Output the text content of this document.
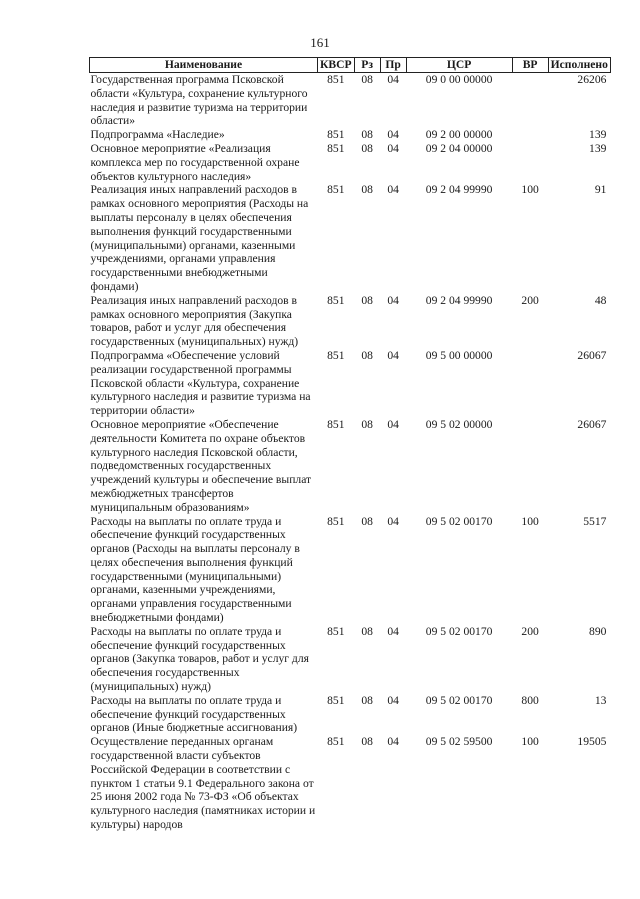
161
Наименование	КВСР	Рз	Пр	ЦСР	ВР	Исполнено
Государственная программа Псковской области «Культура, сохранение культурного наследия и развитие туризма на территории области»	851	08	04	09 0 00 00000		26206
Подпрограмма «Наследие»	851	08	04	09 2 00 00000		139
Основное мероприятие «Реализация комплекса мер по государственной охране объектов культурного наследия»	851	08	04	09 2 04 00000		139
Реализация иных направлений расходов в рамках основного мероприятия (Расходы на выплаты персоналу в целях обеспечения выполнения функций государственными (муниципальными) органами, казенными учреждениями, органами управления государственными внебюджетными фондами)	851	08	04	09 2 04 99990	100	91
Реализация иных направлений расходов в рамках основного мероприятия (Закупка товаров, работ и услуг для обеспечения государственных (муниципальных) нужд)	851	08	04	09 2 04 99990	200	48
Подпрограмма «Обеспечение условий реализации государственной программы Псковской области «Культура, сохранение культурного наследия и развитие туризма на территории области»	851	08	04	09 5 00 00000		26067
Основное мероприятие «Обеспечение деятельности Комитета по охране объектов культурного наследия Псковской области, подведомственных государственных учреждений культуры и обеспечение выплат межбюджетных трансфертов муниципальным образованиям»	851	08	04	09 5 02 00000		26067
Расходы на выплаты по оплате труда и обеспечение функций государственных органов (Расходы на выплаты персоналу в целях обеспечения выполнения функций государственными (муниципальными) органами, казенными учреждениями, органами управления государственными внебюджетными фондами)	851	08	04	09 5 02 00170	100	5517
Расходы на выплаты по оплате труда и обеспечение функций государственных органов (Закупка товаров, работ и услуг для обеспечения государственных (муниципальных) нужд)	851	08	04	09 5 02 00170	200	890
Расходы на выплаты по оплате труда и обеспечение функций государственных органов (Иные бюджетные ассигнования)	851	08	04	09 5 02 00170	800	13
Осуществление переданных органам государственной власти субъектов Российской Федерации в соответствии с пунктом 1 статьи 9.1 Федерального закона от 25 июня 2002 года № 73-ФЗ «Об объектах культурного наследия (памятниках истории и культуры) народов	851	08	04	09 5 02 59500	100	19505
